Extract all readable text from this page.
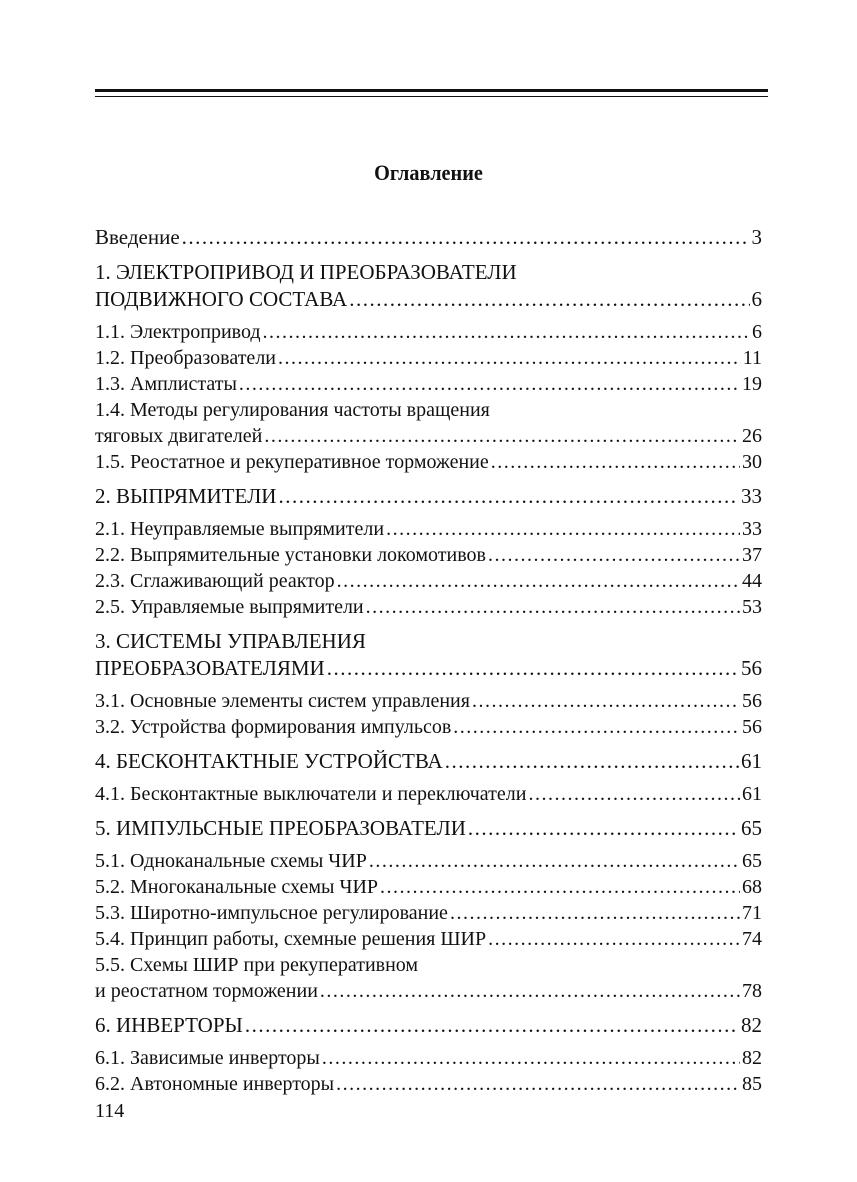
Оглавление
Введение .....	3
1. ЭЛЕКТРОПРИВОД И ПРЕОБРАЗОВАТЕЛИ
ПОДВИЖНОГО СОСТАВА .....	6
1.1. Электропривод .....	6
1.2. Преобразователи .....	11
1.3. Амплистаты .....	19
1.4. Методы регулирования частоты вращения
тяговых двигателей .....	26
1.5. Реостатное и рекуперативное торможение .....	30
2. ВЫПРЯМИТЕЛИ .....	33
2.1. Неуправляемые выпрямители .....	33
2.2. Выпрямительные установки локомотивов .....	37
2.3. Сглаживающий реактор .....	44
2.5. Управляемые выпрямители .....	53
3. СИСТЕМЫ УПРАВЛЕНИЯ
ПРЕОБРАЗОВАТЕЛЯМИ .....	56
3.1. Основные элементы систем управления .....	56
3.2. Устройства формирования импульсов .....	56
4. БЕСКОНТАКТНЫЕ УСТРОЙСТВА .....	61
4.1. Бесконтактные выключатели и переключатели .....	61
5. ИМПУЛЬСНЫЕ ПРЕОБРАЗОВАТЕЛИ .....	65
5.1. Одноканальные схемы ЧИР .....	65
5.2. Многоканальные схемы ЧИР .....	68
5.3. Широтно-импульсное регулирование .....	71
5.4. Принцип работы, схемные решения ШИР .....	74
5.5. Схемы ШИР при рекуперативном
и реостатном торможении .....	78
6. ИНВЕРТОРЫ .....	82
6.1. Зависимые инверторы .....	82
6.2. Автономные инверторы .....	85
114
